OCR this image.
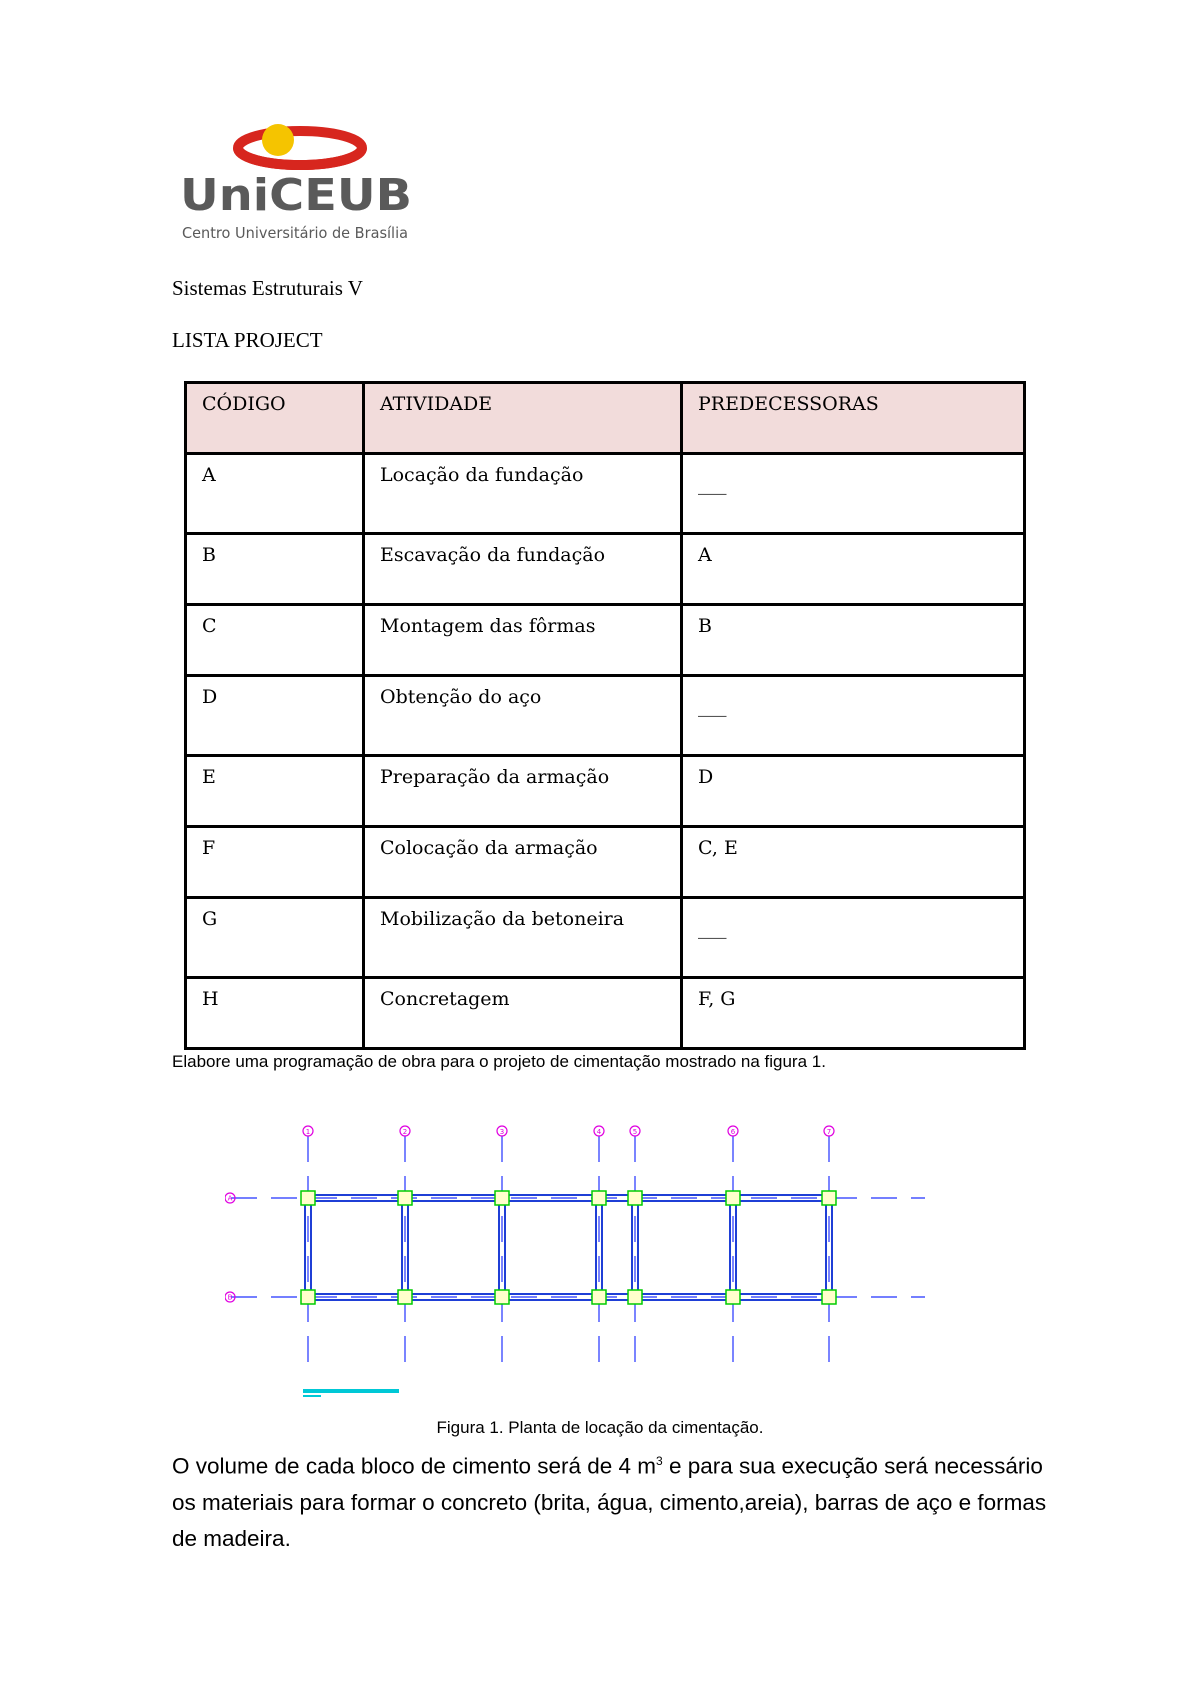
UniCEUB
Centro Universitário de Brasília
Sistemas Estruturais V
LISTA PROJECT
CÓDIGO	ATIVIDADE	PREDECESSORAS
A	Locação da fundação	___
B	Escavação da fundação	A
C	Montagem das fôrmas	B
D	Obtenção do aço	___
E	Preparação da armação	D
F	Colocação da armação	C, E
G	Mobilização da betoneira	___
H	Concretagem	F, G
Elabore uma programação de obra para o projeto de cimentação mostrado na figura 1.
1	2	3	4	5	6	7
A
B
Figura 1. Planta de locação da cimentação.
O volume de cada bloco de cimento será de 4 $m^3$ e para sua execução será necessário os materiais para formar o concreto (brita, água, cimento,areia), barras de aço e formas de madeira.
